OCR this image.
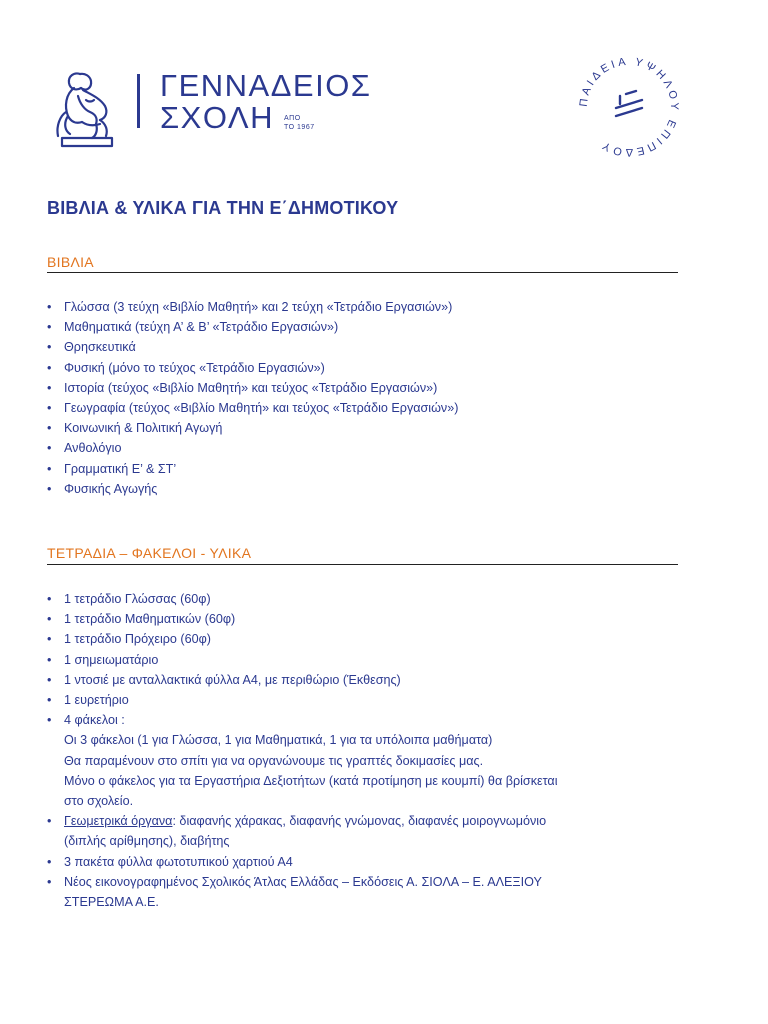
ΓΕΝΝΑΔΕΙΟΣ
ΣΧΟΛΗ ΑΠΟ
ΤΟ 1967
ΠΑΙΔΕΙΑ ΥΨΗΛΟΥ ΕΠΙΠΕΔΟΥ
ΒΙΒΛΙΑ & ΥΛΙΚΑ ΓΙΑ ΤΗΝ Ε΄ΔΗΜΟΤΙΚΟΥ
ΒΙΒΛΙΑ
• Γλώσσα (3 τεύχη «Βιβλίο Μαθητή» και 2 τεύχη «Τετράδιο Εργασιών»)
• Μαθηματικά (τεύχη Α’ & Β’ «Τετράδιο Εργασιών»)
• Θρησκευτικά
• Φυσική (μόνο το τεύχος «Τετράδιο Εργασιών»)
• Ιστορία (τεύχος «Βιβλίο Μαθητή» και τεύχος «Τετράδιο Εργασιών»)
• Γεωγραφία (τεύχος «Βιβλίο Μαθητή» και τεύχος «Τετράδιο Εργασιών»)
• Κοινωνική & Πολιτική Αγωγή
• Ανθολόγιο
• Γραμματική Ε’ & ΣΤ’
• Φυσικής Αγωγής
ΤΕΤΡΑΔΙΑ – ΦΑΚΕΛΟΙ - ΥΛΙΚΑ
• 1 τετράδιο Γλώσσας (60φ)
• 1 τετράδιο Μαθηματικών (60φ)
• 1 τετράδιο Πρόχειρο (60φ)
• 1 σημειωματάριο
• 1 ντοσιέ με ανταλλακτικά φύλλα Α4, με περιθώριο (Έκθεσης)
• 1 ευρετήριο
• 4 φάκελοι :
Οι 3 φάκελοι (1 για Γλώσσα, 1 για Μαθηματικά, 1 για τα υπόλοιπα μαθήματα)
Θα παραμένουν στο σπίτι για να οργανώνουμε τις γραπτές δοκιμασίες μας.
Μόνο ο φάκελος για τα Εργαστήρια Δεξιοτήτων (κατά προτίμηση με κουμπί) θα βρίσκεται
στο σχολείο.
• Γεωμετρικά όργανα: διαφανής χάρακας, διαφανής γνώμονας, διαφανές μοιρογνωμόνιο
(διπλής αρίθμησης), διαβήτης
• 3 πακέτα φύλλα φωτοτυπικού χαρτιού Α4
• Νέος εικονογραφημένος Σχολικός Άτλας Ελλάδας – Εκδόσεις Α. ΣΙΟΛΑ – Ε. ΑΛΕΞΙΟΥ
ΣΤΕΡΕΩΜΑ Α.Ε.
